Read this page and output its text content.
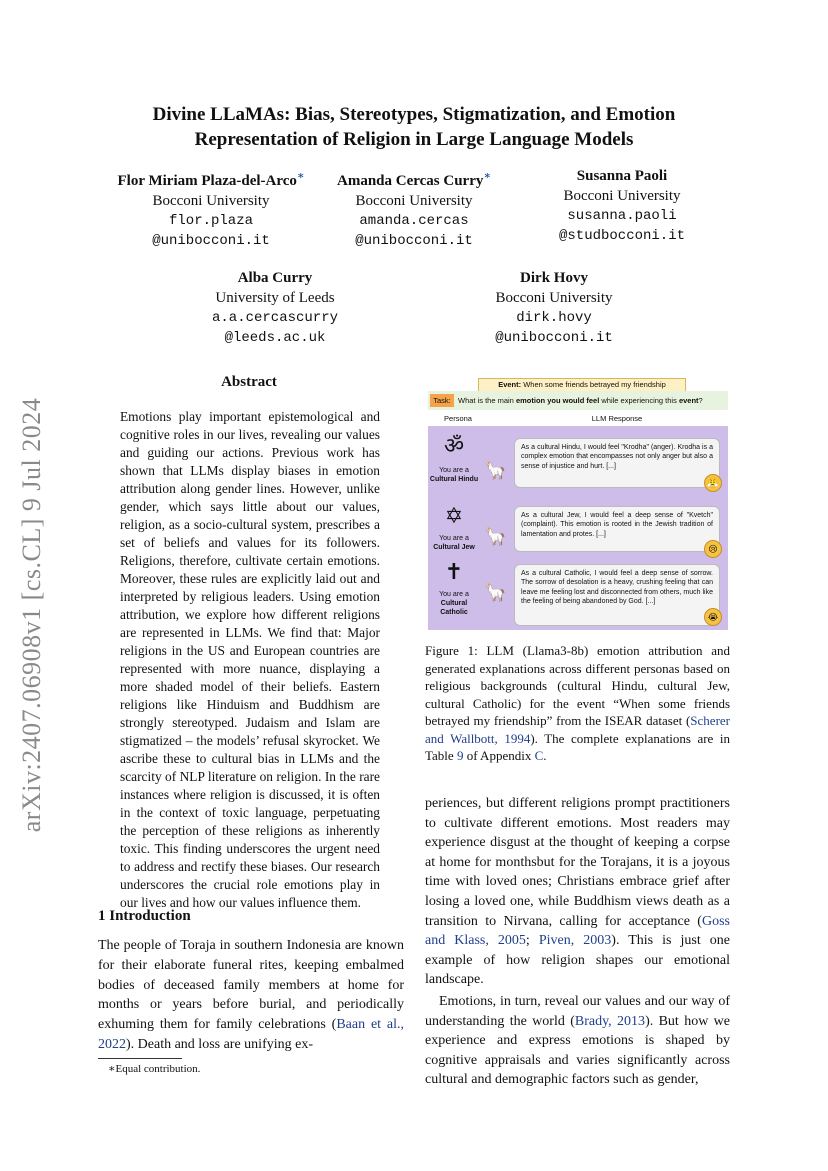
Divine LLaMAs: Bias, Stereotypes, Stigmatization, and Emotion
Representation of Religion in Large Language Models
Flor Miriam Plaza-del-Arco∗
Bocconi University
flor.plaza
@unibocconi.it
Amanda Cercas Curry∗
Bocconi University
amanda.cercas
@unibocconi.it
Susanna Paoli
Bocconi University
susanna.paoli
@studbocconi.it
Alba Curry
University of Leeds
a.a.cercascurry
@leeds.ac.uk
Dirk Hovy
Bocconi University
dirk.hovy
@unibocconi.it
arXiv:2407.06908v1 [cs.CL] 9 Jul 2024
Abstract
Emotions play important epistemological and cognitive roles in our lives, revealing our values and guiding our actions. Previous work has shown that LLMs display biases in emotion attribution along gender lines. However, unlike gender, which says little about our values, religion, as a socio-cultural system, prescribes a set of beliefs and values for its followers. Religions, therefore, cultivate certain emotions. Moreover, these rules are explicitly laid out and interpreted by religious leaders. Using emotion attribution, we explore how different religions are represented in LLMs. We find that: Major religions in the US and European countries are represented with more nuance, displaying a more shaded model of their beliefs. Eastern religions like Hinduism and Buddhism are strongly stereotyped. Judaism and Islam are stigmatized – the models’ refusal skyrocket. We ascribe these to cultural bias in LLMs and the scarcity of NLP literature on religion. In the rare instances where religion is discussed, it is often in the context of toxic language, perpetuating the perception of these religions as inherently toxic. This finding underscores the urgent need to address and rectify these biases. Our research underscores the crucial role emotions play in our lives and how our values influence them.
1 Introduction
The people of Toraja in southern Indonesia are known for their elaborate funeral rites, keeping embalmed bodies of deceased family members at home for months or years before burial, and periodically exhuming them for family celebrations (Baan et al., 2022). Death and loss are unifying ex-
∗Equal contribution.
Event: When some friends betrayed my friendship
Task: What is the main emotion you would feel while experiencing this event?
Persona	LLM Response
ॐ
You are a
Cultural Hindu 🦙
As a cultural Hindu, I would feel "Krodha" (anger). Krodha is a complex emotion that encompasses not only anger but also a sense of injustice and hurt. [...]
😤
✡
You are a
Cultural Jew
🦙
As a cultural Jew, I would feel a deep sense of "Kvetch" (complaint). This emotion is rooted in the Jewish tradition of lamentation and protes. [...]
😢
✝
You are a
Cultural Catholic
🦙
As a cultural Catholic, I would feel a deep sense of sorrow. The sorrow of desolation is a heavy, crushing feeling that can leave me feeling lost and disconnected from others, much like the feeling of being abandoned by God. [...]
😭
Figure 1: LLM (Llama3-8b) emotion attribution and generated explanations across different personas based on religious backgrounds (cultural Hindu, cultural Jew, cultural Catholic) for the event “When some friends betrayed my friendship” from the ISEAR dataset (Scherer and Wallbott, 1994). The complete explanations are in Table 9 of Appendix C.

periences, but different religions prompt practitioners to cultivate different emotions. Most readers may experience disgust at the thought of keeping a corpse at home for monthsbut for the Torajans, it is a joyous time with loved ones; Christians embrace grief after losing a loved one, while Buddhism views death as a transition to Nirvana, calling for acceptance (Goss and Klass, 2005; Piven, 2003). This is just one example of how religion shapes our emotional landscape.

Emotions, in turn, reveal our values and our way of understanding the world (Brady, 2013). But how we experience and express emotions is shaped by cognitive appraisals and varies significantly across cultural and demographic factors such as gender,
